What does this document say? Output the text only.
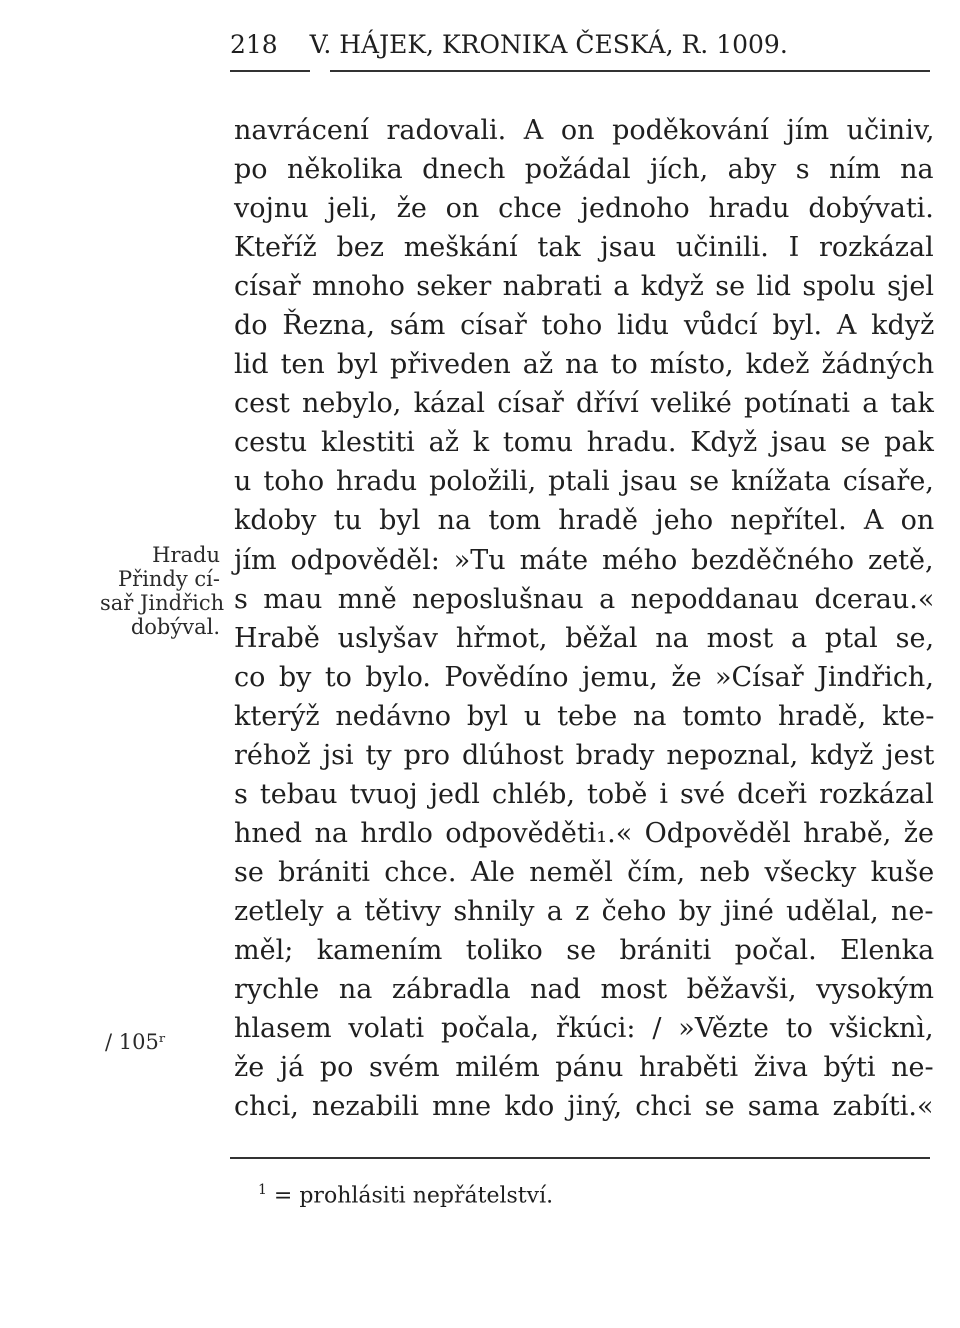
218 V. HÁJEK, KRONIKA ČESKÁ, R. 1009.
navrácení radovali. A on poděkování jím učiniv,
po několika dnech požádal jích, aby s ním na
vojnu jeli, že on chce jednoho hradu dobývati.
Kteříž bez meškání tak jsau učinili. I rozkázal
císař mnoho seker nabrati a když se lid spolu sjel
do Řezna, sám císař toho lidu vůdcí byl. A když
lid ten byl přiveden až na to místo, kdež žádných
cest nebylo, kázal císař dříví veliké potínati a tak
cestu klestiti až k tomu hradu. Když jsau se pak
u toho hradu položili, ptali jsau se knížata císaře,
kdoby tu byl na tom hradě jeho nepřítel. A on
jím odpověděl: »Tu máte mého bezděčného zetě,
s mau mně neposlušnau a nepoddanau dcerau.«
Hrabě uslyšav hřmot, běžal na most a ptal se,
co by to bylo. Povědíno jemu, že »Císař Jindřich,
kterýž nedávno byl u tebe na tomto hradě, kte-
réhož jsi ty pro dlúhost brady nepoznal, když jest
s tebau tvuoj jedl chléb, tobě i své dceři rozkázal
hned na hrdlo odpověděti₁.« Odpověděl hrabě, že
se brániti chce. Ale neměl čím, neb všecky kuše
zetlely a tětivy shnily a z čeho by jiné udělal, ne-
měl; kamením toliko se brániti počal. Elenka
rychle na zábradla nad most běžavši, vysokým
hlasem volati počala, řkúci: / »Vězte to všicknì,
že já po svém milém pánu hraběti živa býti ne-
chci, nezabili mne kdo jiný, chci se sama zabíti.«
Hradu
Přindy cí-
sař Jindřich
dobýval.
/ 105ʳ
$^1$ = prohlásiti nepřátelství.
